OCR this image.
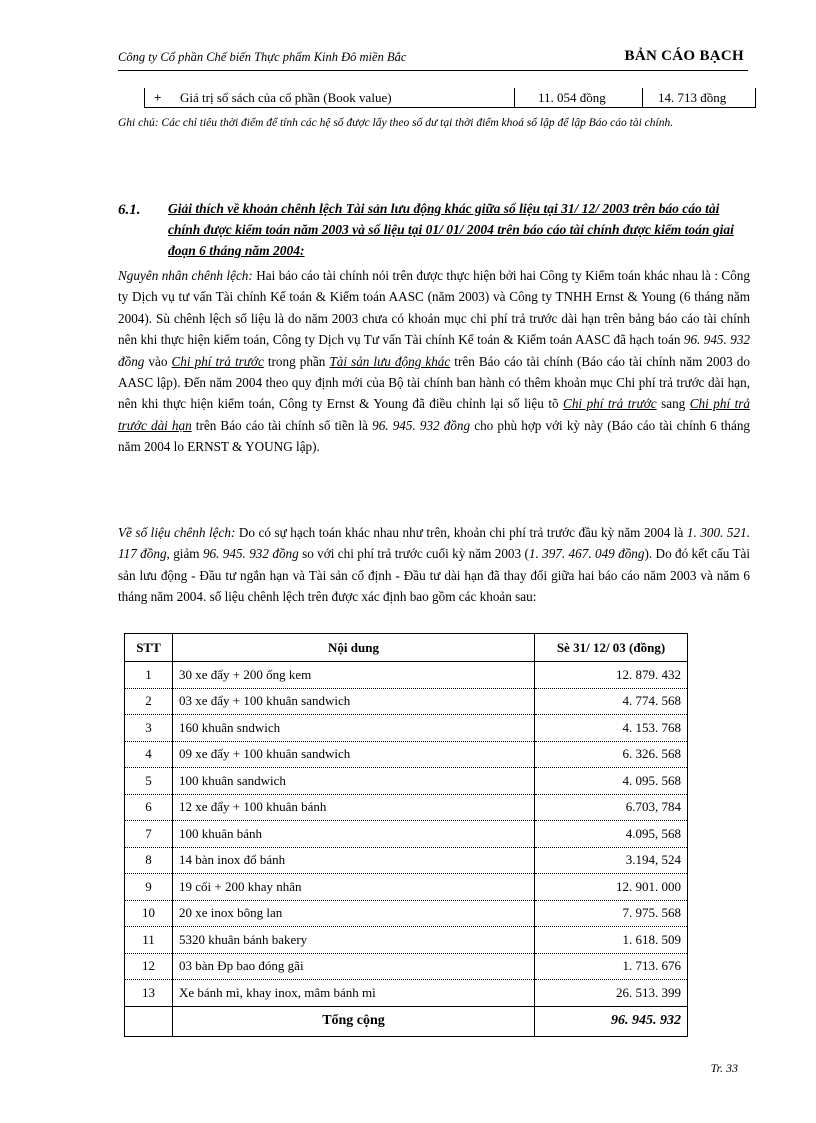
Công ty Cổ phần Chế biến Thực phẩm Kinh Đô miền Bắc	BẢN CÁO BẠCH
+ Giá trị sổ sách của cổ phần (Book value)	11. 054 đồng	14. 713 đồng
Ghi chú: Các chỉ tiêu thời điểm để tính các hệ số được lấy theo số dư tại thời điểm khoá sổ lập để lập Báo cáo tài chính.
6.1. Giải thích về khoản chênh lệch Tài sản lưu động khác giữa số liệu tại 31/ 12/ 2003 trên báo cáo tài chính được kiểm toán năm 2003 và số liệu tại 01/ 01/ 2004 trên báo cáo tài chính được kiểm toán giai đoạn 6 tháng năm 2004:
Nguyên nhân chênh lệch: Hai báo cáo tài chính nói trên được thực hiện bởi hai Công ty Kiểm toán khác nhau là : Công ty Dịch vụ tư vấn Tài chính Kế toán & Kiểm toán AASC (năm 2003) và Công ty TNHH Ernst & Young (6 tháng năm 2004). Sù chênh lệch số liệu là do năm 2003 chưa có khoản mục chi phí trả trước dài hạn trên bảng báo cáo tài chính nên khi thực hiện kiểm toán, Công ty Dịch vụ Tư vấn Tài chính Kế toán & Kiểm toán AASC đã hạch toán 96. 945. 932 đồng vào Chi phí trả trước trong phần Tài sản lưu động khác trên Báo cáo tài chính (Báo cáo tài chính năm 2003 do AASC lập). Đến năm 2004 theo quy định mới của Bộ tài chính ban hành có thêm khoản mục Chi phí trả trước dài hạn, nên khi thực hiện kiểm toán, Công ty Ernst & Young đã điều chỉnh lại số liệu tõ Chi phí trả trước sang Chi phí trả trước dài hạn trên Báo cáo tài chính số tiền là 96. 945. 932 đồng cho phù hợp với kỳ này (Báo cáo tài chính 6 tháng năm 2004 lo ERNST & YOUNG lập).
Về số liệu chênh lệch: Do có sự hạch toán khác nhau như trên, khoản chi phí trả trước đầu kỳ năm 2004 là 1. 300. 521. 117 đồng, giảm 96. 945. 932 đồng so với chi phí trả trước cuối kỳ năm 2003 (1. 397. 467. 049 đồng). Do đó kết cấu Tài sản lưu động - Đầu tư ngắn hạn và Tài sản cố định - Đầu tư dài hạn đã thay đổi giữa hai báo cáo năm 2003 và năm 6 tháng năm 2004. số liệu chênh lệch trên được xác định bao gồm các khoản sau:
STT	Nội dung	Sè 31/ 12/ 03 (đồng)
1	30 xe đẩy + 200 ống kem	12. 879. 432
2	03 xe đẩy + 100 khuân sandwich	4. 774. 568
3	160 khuân sndwich	4. 153. 768
4	09 xe đẩy + 100 khuân sandwich	6. 326. 568
5	100 khuân sandwich	4. 095. 568
6	12 xe đẩy + 100 khuân bánh	6.703, 784
7	100 khuân bánh	4.095, 568
8	14 bàn inox đổ bánh	3.194, 524
9	19 cối + 200 khay nhân	12. 901. 000
10	20 xe inox bông lan	7. 975. 568
11	5320 khuân bánh bakery	1. 618. 509
12	03 bàn Đp bao đóng gãi	1. 713. 676
13	Xe bánh mì, khay inox, mâm bánh mì	26. 513. 399
	Tổng cộng	96. 945. 932
Tr. 33
